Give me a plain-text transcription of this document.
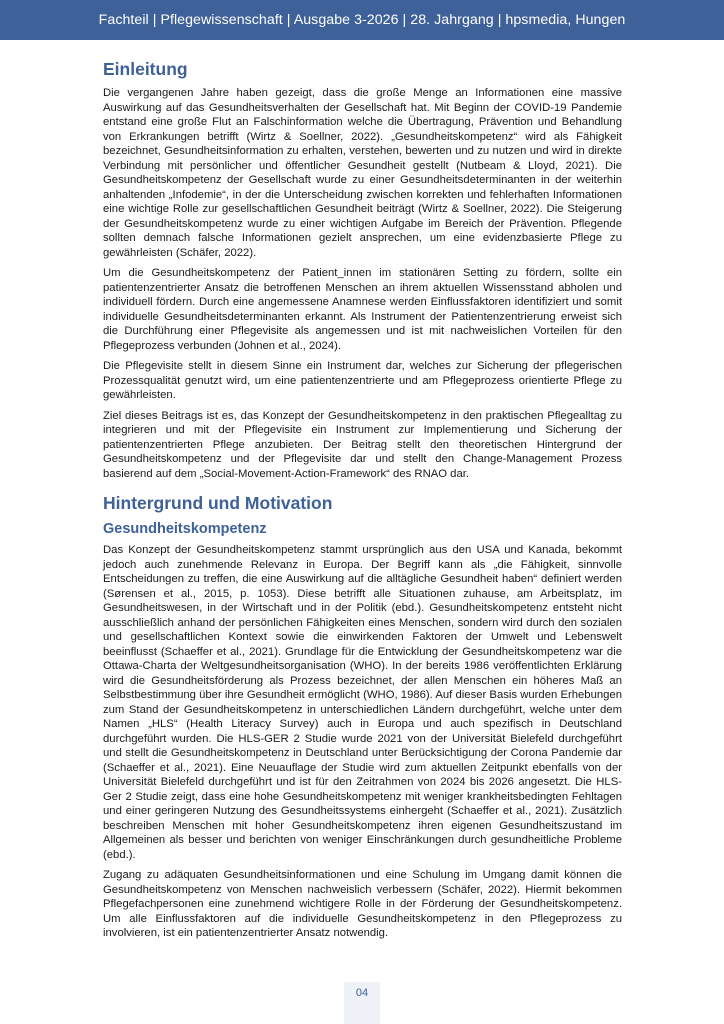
Fachteil | Pflegewissenschaft | Ausgabe 3-2026 | 28. Jahrgang | hpsmedia, Hungen
Einleitung

Die vergangenen Jahre haben gezeigt, dass die große Menge an Informationen eine massive Auswirkung auf das Gesundheitsverhalten der Gesellschaft hat. Mit Beginn der COVID-19 Pandemie entstand eine große Flut an Falschinformation welche die Übertragung, Prävention und Behandlung von Erkrankungen betrifft (Wirtz & Soellner, 2022). „Gesundheitskompetenz“ wird als Fähigkeit bezeichnet, Gesundheitsinformation zu erhalten, verstehen, bewerten und zu nutzen und wird in direkte Verbindung mit persönlicher und öffentlicher Gesundheit gestellt (Nutbeam & Lloyd, 2021). Die Gesundheitskompetenz der Gesellschaft wurde zu einer Gesundheitsdeterminanten in der weiterhin anhaltenden „Infodemie“, in der die Unterscheidung zwischen korrekten und fehlerhaften Informationen eine wichtige Rolle zur gesellschaftlichen Gesundheit beiträgt (Wirtz & Soellner, 2022). Die Steigerung der Gesundheitskompetenz wurde zu einer wichtigen Aufgabe im Bereich der Prävention. Pflegende sollten demnach falsche Informationen gezielt ansprechen, um eine evidenzbasierte Pflege zu gewährleisten (Schäfer, 2022).

Um die Gesundheitskompetenz der Patient_innen im stationären Setting zu fördern, sollte ein patientenzentrierter Ansatz die betroffenen Menschen an ihrem aktuellen Wissensstand abholen und individuell fördern. Durch eine angemessene Anamnese werden Einflussfaktoren identifiziert und somit individuelle Gesundheitsdeterminanten erkannt. Als Instrument der Patientenzentrierung erweist sich die Durchführung einer Pflegevisite als angemessen und ist mit nachweislichen Vorteilen für den Pflegeprozess verbunden (Johnen et al., 2024).

Die Pflegevisite stellt in diesem Sinne ein Instrument dar, welches zur Sicherung der pflegerischen Prozessqualität genutzt wird, um eine patientenzentrierte und am Pflegeprozess orientierte Pflege zu gewährleisten.

Ziel dieses Beitrags ist es, das Konzept der Gesundheitskompetenz in den praktischen Pflegealltag zu integrieren und mit der Pflegevisite ein Instrument zur Implementierung und Sicherung der patientenzentrierten Pflege anzubieten. Der Beitrag stellt den theoretischen Hintergrund der Gesundheitskompetenz und der Pflegevisite dar und stellt den Change-Management Prozess basierend auf dem „Social-Movement-Action-Framework“ des RNAO dar.

Hintergrund und Motivation
Gesundheitskompetenz

Das Konzept der Gesundheitskompetenz stammt ursprünglich aus den USA und Kanada, bekommt jedoch auch zunehmende Relevanz in Europa. Der Begriff kann als „die Fähigkeit, sinnvolle Entscheidungen zu treffen, die eine Auswirkung auf die alltägliche Gesundheit haben“ definiert werden (Sørensen et al., 2015, p. 1053). Diese betrifft alle Situationen zuhause, am Arbeitsplatz, im Gesundheitswesen, in der Wirtschaft und in der Politik (ebd.). Gesundheitskompetenz entsteht nicht ausschließlich anhand der persönlichen Fähigkeiten eines Menschen, sondern wird durch den sozialen und gesellschaftlichen Kontext sowie die einwirkenden Faktoren der Umwelt und Lebenswelt beeinflusst (Schaeffer et al., 2021). Grundlage für die Entwicklung der Gesundheitskompetenz war die Ottawa-Charta der Weltgesundheitsorganisation (WHO). In der bereits 1986 veröffentlichten Erklärung wird die Gesundheitsförderung als Prozess bezeichnet, der allen Menschen ein höheres Maß an Selbstbestimmung über ihre Gesundheit ermöglicht (WHO, 1986). Auf dieser Basis wurden Erhebungen zum Stand der Gesundheitskompetenz in unterschiedlichen Ländern durchgeführt, welche unter dem Namen „HLS“ (Health Literacy Survey) auch in Europa und auch spezifisch in Deutschland durchgeführt wurden. Die HLS-GER 2 Studie wurde 2021 von der Universität Bielefeld durchgeführt und stellt die Gesundheitskompetenz in Deutschland unter Berücksichtigung der Corona Pandemie dar (Schaeffer et al., 2021). Eine Neuauflage der Studie wird zum aktuellen Zeitpunkt ebenfalls von der Universität Bielefeld durchgeführt und ist für den Zeitrahmen von 2024 bis 2026 angesetzt. Die HLS-Ger 2 Studie zeigt, dass eine hohe Gesundheitskompetenz mit weniger krankheitsbedingten Fehltagen und einer geringeren Nutzung des Gesundheitssystems einhergeht (Schaeffer et al., 2021). Zusätzlich beschreiben Menschen mit hoher Gesundheitskompetenz ihren eigenen Gesundheitszustand im Allgemeinen als besser und berichten von weniger Einschränkungen durch gesundheitliche Probleme (ebd.).

Zugang zu adäquaten Gesundheitsinformationen und eine Schulung im Umgang damit können die Gesundheitskompetenz von Menschen nachweislich verbessern (Schäfer, 2022). Hiermit bekommen Pflegefachpersonen eine zunehmend wichtigere Rolle in der Förderung der Gesundheitskompetenz. Um alle Einflussfaktoren auf die individuelle Gesundheitskompetenz in den Pflegeprozess zu involvieren, ist ein patientenzentrierter Ansatz notwendig.

04
